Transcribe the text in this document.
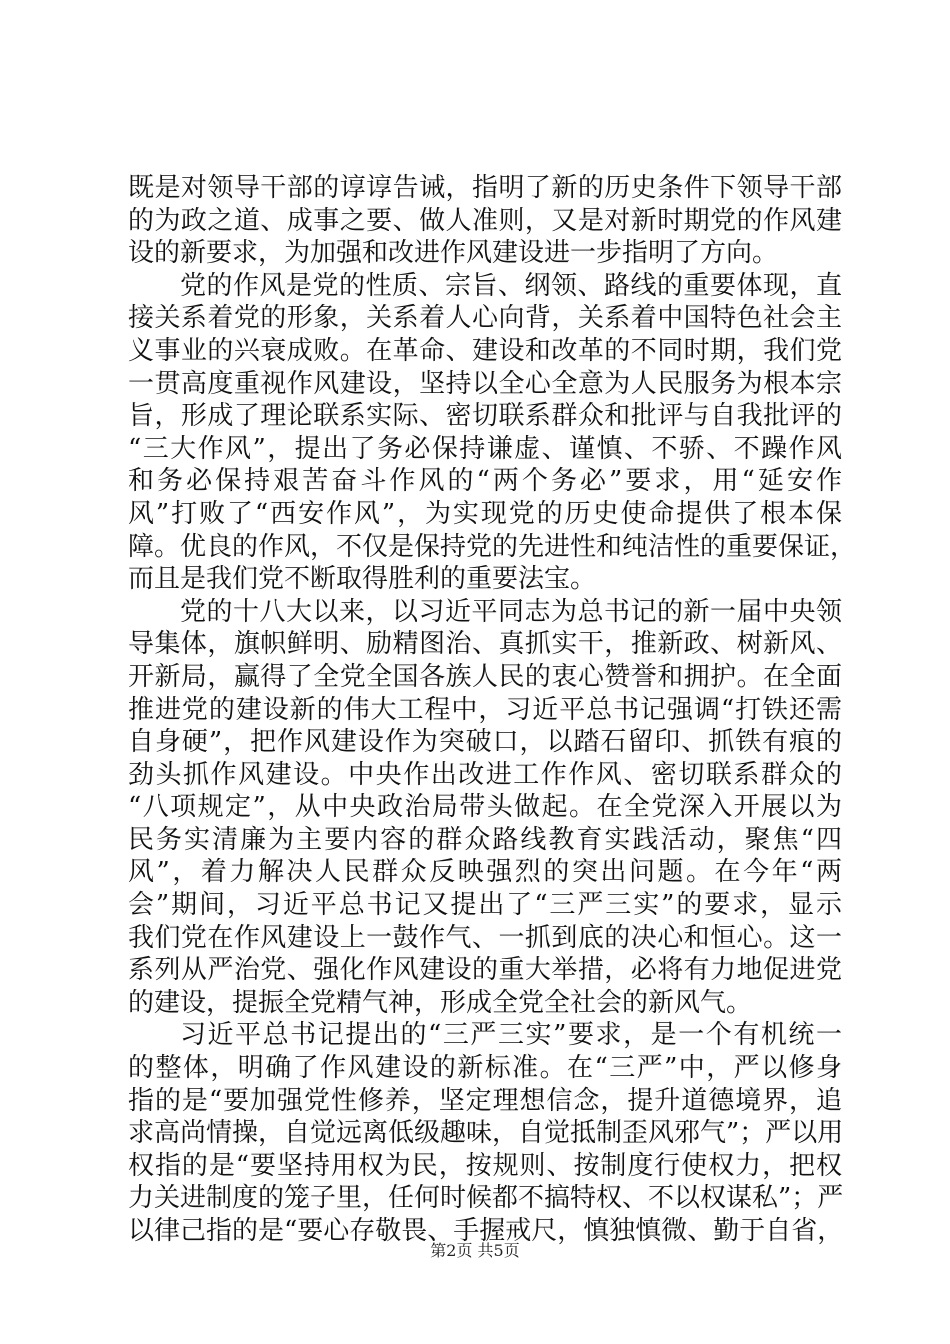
既是对领导干部的谆谆告诫，指明了新的历史条件下领导干部
的为政之道、成事之要、做人准则，又是对新时期党的作风建
设的新要求，为加强和改进作风建设进一步指明了方向。
党的作风是党的性质、宗旨、纲领、路线的重要体现，直
接关系着党的形象，关系着人心向背，关系着中国特色社会主
义事业的兴衰成败。在革命、建设和改革的不同时期，我们党
一贯高度重视作风建设，坚持以全心全意为人民服务为根本宗
旨，形成了理论联系实际、密切联系群众和批评与自我批评的
“三大作风”，提出了务必保持谦虚、谨慎、不骄、不躁作风
和务必保持艰苦奋斗作风的“两个务必”要求，用“延安作
风”打败了“西安作风”，为实现党的历史使命提供了根本保
障。优良的作风，不仅是保持党的先进性和纯洁性的重要保证，
而且是我们党不断取得胜利的重要法宝。
党的十八大以来，以习近平同志为总书记的新一届中央领
导集体，旗帜鲜明、励精图治、真抓实干，推新政、树新风、
开新局，赢得了全党全国各族人民的衷心赞誉和拥护。在全面
推进党的建设新的伟大工程中，习近平总书记强调“打铁还需
自身硬”，把作风建设作为突破口，以踏石留印、抓铁有痕的
劲头抓作风建设。中央作出改进工作作风、密切联系群众的
“八项规定”，从中央政治局带头做起。在全党深入开展以为
民务实清廉为主要内容的群众路线教育实践活动，聚焦“四
风”，着力解决人民群众反映强烈的突出问题。在今年“两
会”期间，习近平总书记又提出了“三严三实”的要求，显示
我们党在作风建设上一鼓作气、一抓到底的决心和恒心。这一
系列从严治党、强化作风建设的重大举措，必将有力地促进党
的建设，提振全党精气神，形成全党全社会的新风气。
习近平总书记提出的“三严三实”要求，是一个有机统一
的整体，明确了作风建设的新标准。在“三严”中，严以修身
指的是“要加强党性修养，坚定理想信念，提升道德境界，追
求高尚情操，自觉远离低级趣味，自觉抵制歪风邪气”；严以用
权指的是“要坚持用权为民，按规则、按制度行使权力，把权
力关进制度的笼子里，任何时候都不搞特权、不以权谋私”；严
以律己指的是“要心存敬畏、手握戒尺，慎独慎微、勤于自省，
第2页 共5页
